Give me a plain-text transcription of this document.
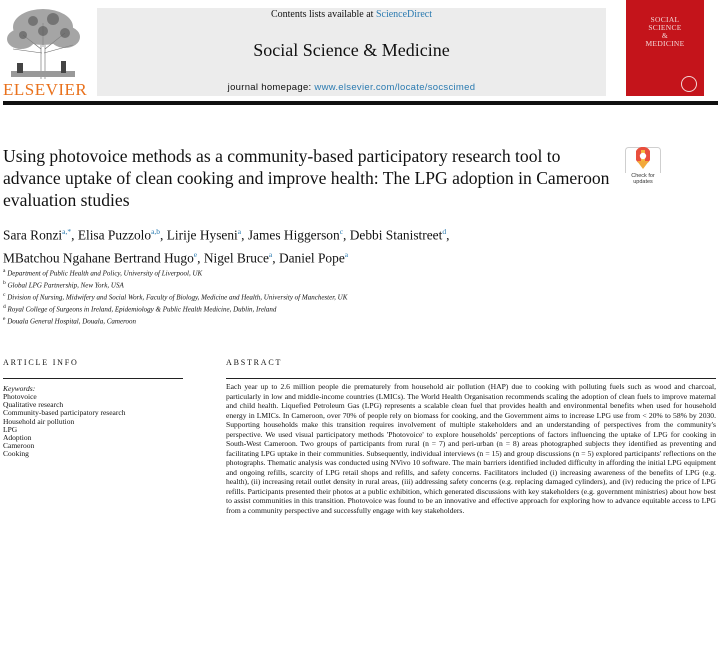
ELSEVIER
Contents lists available at ScienceDirect
Social Science & Medicine
journal homepage: www.elsevier.com/locate/socscimed
SOCIAL
SCIENCE
&
MEDICINE
Using photovoice methods as a community-based participatory research tool to advance uptake of clean cooking and improve health: The LPG adoption in Cameroon evaluation studies
Check for
updates
Sara Ronzi$^{a,*}$, Elisa Puzzolo$^{a,b}$, Lirije Hyseni$^a$, James Higgerson$^c$, Debbi Stanistreet$^d$,
MBatchou Ngahane Bertrand Hugo$^e$, Nigel Bruce$^a$, Daniel Pope$^a$
$^a$ Department of Public Health and Policy, University of Liverpool, UK
$^b$ Global LPG Partnership, New York, USA
$^c$ Division of Nursing, Midwifery and Social Work, Faculty of Biology, Medicine and Health, University of Manchester, UK
$^d$ Royal College of Surgeons in Ireland, Epidemiology & Public Health Medicine, Dublin, Ireland
$^e$ Douala General Hospital, Douala, Cameroon
ARTICLE INFO
Keywords:
Photovoice
Qualitative research
Community-based participatory research
Household air pollution
LPG
Adoption
Cameroon
Cooking
ABSTRACT
Each year up to 2.6 million people die prematurely from household air pollution (HAP) due to cooking with polluting fuels such as wood and charcoal, particularly in low and middle-income countries (LMICs). The World Health Organisation recommends scaling the adoption of clean fuels to improve maternal and child health. Liquefied Petroleum Gas (LPG) represents a scalable clean fuel that provides health and environmental benefits when used for household energy in LMICs. In Cameroon, over 70% of people rely on biomass for cooking, and the Government aims to increase LPG use from < 20% to 58% by 2030. Supporting households make this transition requires involvement of multiple stakeholders and an understanding of perspectives from the community's perspective. We used visual participatory methods 'Photovoice' to explore households' perceptions of factors influencing the uptake of LPG for cooking in South-West Cameroon. Two groups of participants from rural (n = 7) and peri-urban (n = 8) areas photographed subjects they identified as preventing and facilitating LPG uptake in their communities. Subsequently, individual interviews (n = 15) and group discussions (n = 5) explored participants' reflections on the photographs. Thematic analysis was conducted using NVivo 10 software. The main barriers identified included difficulty in affording the initial LPG equipment and ongoing refills, scarcity of LPG retail shops and refills, and safety concerns. Facilitators included (i) increasing awareness of the benefits of LPG (e.g. health), (ii) increasing retail outlet density in rural areas, (iii) addressing safety concerns (e.g. replacing damaged cylinders), and (iv) reducing the price of LPG refills. Participants presented their photos at a public exhibition, which generated discussions with key stakeholders (e.g. government ministries) about how best to assist communities in this transition. Photovoice was found to be an innovative and effective approach for exploring how to advance equitable access to LPG from a community perspective and successfully engage with key stakeholders.
